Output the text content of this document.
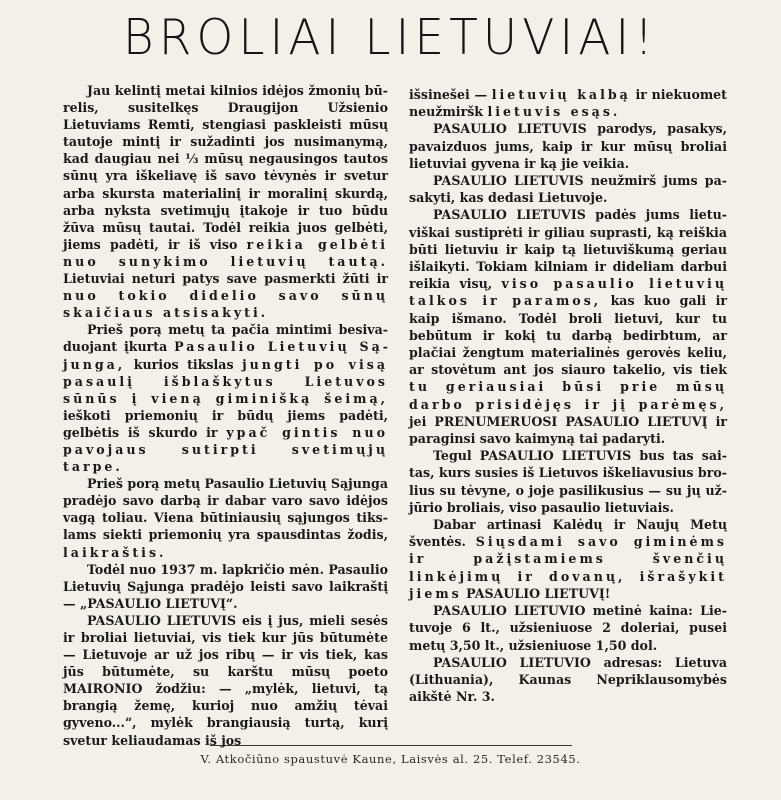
BROLIAI LIETUVIAI!

Jau kelintį metai kilnios idėjos žmonių būrelis, susitelkęs Draugijon Užsienio Lietuviams Remti, stengiasi paskleisti mūsų tautoje mintį ir sužadinti jos nusimanymą, kad daugiau nei ⅓ mūsų negausingos tautos sūnų yra iškeliavę iš savo tėvynės ir svetur arba skursta materialinį ir moralinį skurdą, arba nyksta svetimųjų įtakoje ir tuo būdu žūva mūsų tautai. Todėl reikia juos gelbėti, jiems padėti, ir iš viso reikia gelbėti nuo sunykimo lietuvių tautą. Lietuviai neturi patys save pasmerkti žūti ir nuo tokio didelio savo sūnų skaičiaus atsisakyti.

Prieš porą metų ta pačia mintimi besivaduojant įkurta Pasaulio Lietuvių Sąjunga, kurios tikslas jungti po visą pasaulį išblaškytus Lietuvos sūnūs į vieną giminišką šeimą, ieškoti priemonių ir būdų jiems padėti, gelbėtis iš skurdo ir ypač gintis nuo pavojaus sutirpti svetimųjų tarpe.

Prieš porą metų Pasaulio Lietuvių Sąjunga pradėjo savo darbą ir dabar varo savo idėjos vagą toliau. Viena būtiniausių sąjungos tikslams siekti priemonių yra spausdintas žodis, laikraštis.

Todėl nuo 1937 m. lapkričio mėn. Pasaulio Lietuvių Sąjunga pradėjo leisti savo laikraštį — „PASAULIO LIETUVĮ“.

PASAULIO LIETUVIS eis į jus, mieli sesės ir broliai lietuviai, vis tiek kur jūs būtumėte — Lietuvoje ar už jos ribų — ir vis tiek, kas jūs būtumėte, su karštu mūsų poeto MAIRONIO žodžiu: — „mylėk, lietuvi, tą brangią žemę, kurioj nuo amžių tėvai gyveno...“, mylėk brangiausią turtą, kurį svetur keliaudamas iš jos

išsinešei — lietuvių kalbą ir niekuomet neužmiršk lietuvis esąs.

PASAULIO LIETUVIS parodys, pasakys, pavaizduos jums, kaip ir kur mūsų broliai lietuviai gyvena ir ką jie veikia.

PASAULIO LIETUVIS neužmirš jums pasakyti, kas dedasi Lietuvoje.

PASAULIO LIETUVIS padės jums lietuviškai sustiprėti ir giliau suprasti, ką reiškia būti lietuviu ir kaip tą lietuviškumą geriau išlaikyti. Tokiam kilniam ir dideliam darbui reikia visų, viso pasaulio lietuvių talkos ir paramos, kas kuo gali ir kaip išmano. Todėl broli lietuvi, kur tu bebūtum ir kokį tu darbą bedirbtum, ar plačiai žengtum materialinės gerovės keliu, ar stovėtum ant jos siauro takelio, vis tiek tu geriausiai būsi prie mūsų darbo prisidėjęs ir jį parėmęs, jei PRENUMERUOSI PASAULIO LIETUVĮ ir paraginsi savo kaimyną tai padaryti.

Tegul PASAULIO LIETUVIS bus tas saitas, kurs susies iš Lietuvos iškeliavusius brolius su tėvyne, o joje pasilikusius — su jų užjūrio broliais, viso pasaulio lietuviais.

Dabar artinasi Kalėdų ir Naujų Metų šventės. Siųsdami savo giminėms ir pažįstamiems švenčių linkėjimų ir dovanų, išrašykit jiems PASAULIO LIETUVĮ!

PASAULIO LIETUVIO metinė kaina: Lietuvoje 6 lt., užsieniuose 2 doleriai, pusei metų 3,50 lt., užsieniuose 1,50 dol.

PASAULIO LIETUVIO adresas: Lietuva (Lithuania), Kaunas Nepriklausomybės aikštė Nr. 3.

V. Atkočiūno spaustuvė Kaune, Laisvės al. 25. Telef. 23545.
